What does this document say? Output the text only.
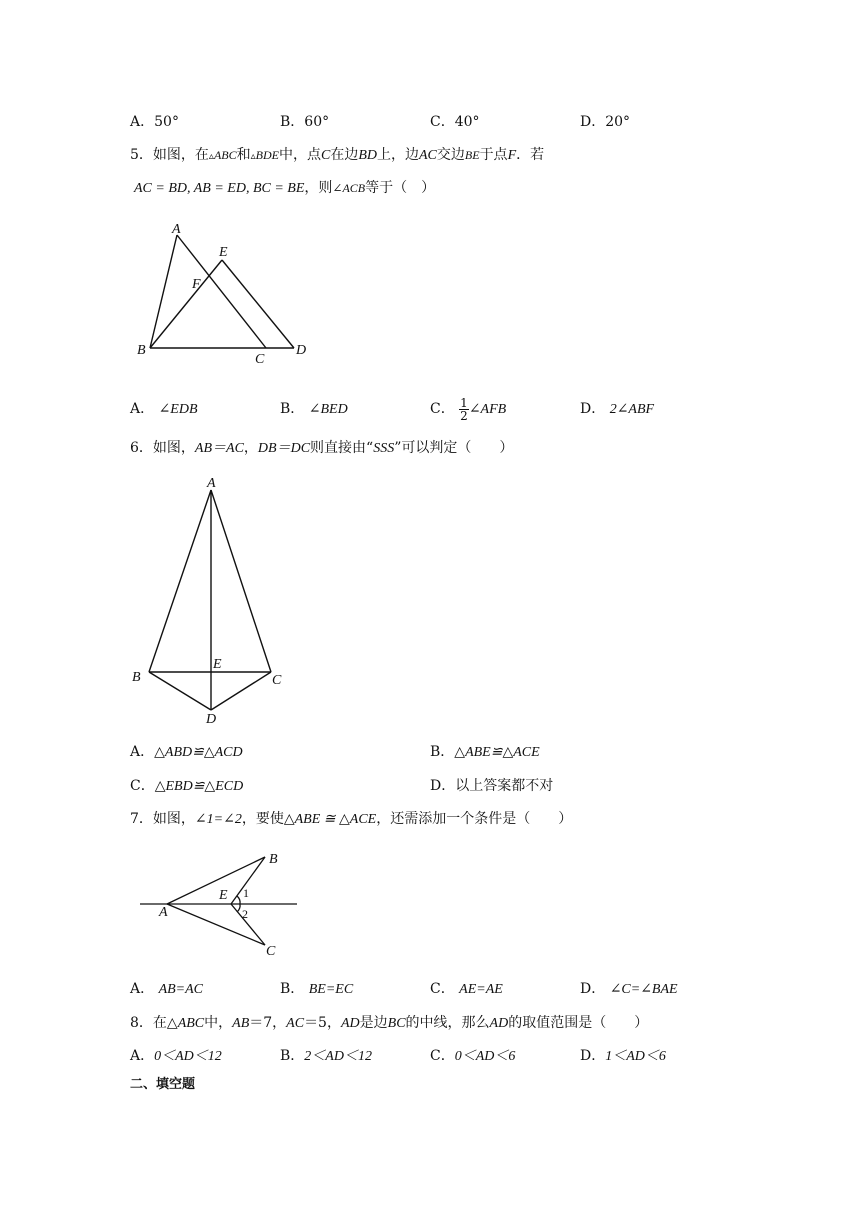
A．50°	B．60°	C．40°	D．20°
5．如图，在▵ABC和▵BDE中，点C在边BD上，边AC交边BE于点F．若
AC = BD, AB = ED, BC = BE，则∠ACB等于（　）
A
E
F
B
C
D
A． ∠EDB	B． ∠BED	C． $\frac{1}{2}$ ∠AFB	D． 2∠ABF
6．如图，AB＝AC，DB＝DC则直接由“SSS”可以判定（　　）
A
B
E
C
D
A．△ABD≌△ACD	B．△ABE≌△ACE
C．△EBD≌△ECD	D．以上答案都不对
7．如图，∠1=∠2，要使△ABE ≅ △ACE，还需添加一个条件是（　　）
E 1
2
B
A
C
A． AB=AC	B． BE=EC	C． AE=AE	D． ∠C=∠BAE
8．在△ABC中，AB＝7，AC＝5，AD是边BC的中线，那么AD的取值范围是（　　）
A．0＜AD＜12	B．2＜AD＜12	C．0＜AD＜6	D．1＜AD＜6
二、填空题
